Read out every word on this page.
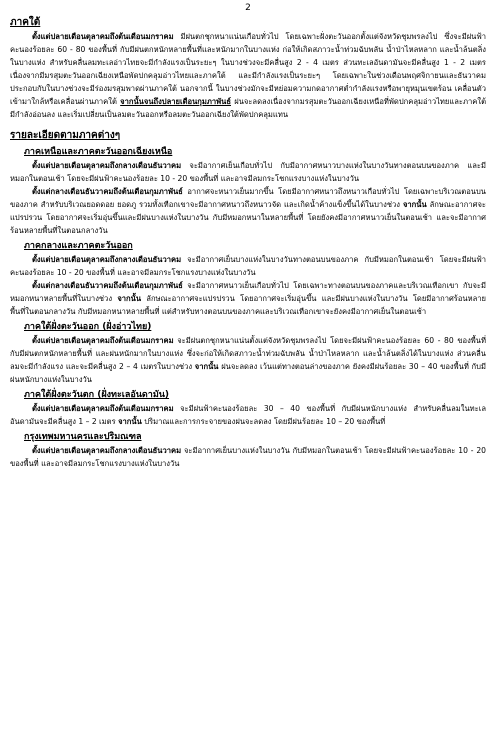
2
ภาคใต้

ตั้งแต่ปลายเดือนตุลาคมถึงต้นเดือนมกราคม มีฝนตกชุกหนาแน่นเกือบทั่วไป โดยเฉพาะฝั่งตะวันออกตั้งแต่จังหวัดชุมพรลงไป ซึ่งจะมีฝนฟ้าคะนองร้อยละ 60 - 80 ของพื้นที่ กับมีฝนตกหนักหลายพื้นที่และหนักมากในบางแห่ง ก่อให้เกิดสภาวะน้ำท่วมฉับพลัน น้ำป่าไหลหลาก และน้ำล้นตลิ่งในบางแห่ง สำหรับคลื่นลมทะเลอ่าวไทยจะมีกำลังแรงเป็นระยะๆ ในบางช่วงจะมีคลื่นสูง 2 - 4 เมตร ส่วนทะเลอันดามันจะมีคลื่นสูง 1 - 2 เมตร เนื่องจากมีมรสุมตะวันออกเฉียงเหนือพัดปกคลุมอ่าวไทยและภาคใต้ และมีกำลังแรงเป็นระยะๆ โดยเฉพาะในช่วงเดือนพฤศจิกายนและธันวาคม ประกอบกับในบางช่วงจะมีร่องมรสุมพาดผ่านภาคใต้ นอกจากนี้ ในบางช่วงมักจะมีหย่อมความกดอากาศต่ำกำลังแรงหรือพายุหมุนเขตร้อน เคลื่อนตัวเข้ามาใกล้หรือเคลื่อนผ่านภาคใต้ จากนั้นจนถึงปลายเดือนกุมภาพันธ์ ฝนจะลดลงเนื่องจากมรสุมตะวันออกเฉียงเหนือที่พัดปกคลุมอ่าวไทยและภาคใต้มีกำลังอ่อนลง และเริ่มเปลี่ยนเป็นลมตะวันออกหรือลมตะวันออกเฉียงใต้พัดปกคลุมแทน

รายละเอียดตามภาคต่างๆ
ภาคเหนือและภาคตะวันออกเฉียงเหนือ

ตั้งแต่ปลายเดือนตุลาคมถึงกลางเดือนธันวาคม จะมีอากาศเย็นเกือบทั่วไป กับมีอากาศหนาวบางแห่งในบางวันทางตอนบนของภาค และมีหมอกในตอนเช้า โดยจะมีฝนฟ้าคะนองร้อยละ 10 - 20 ของพื้นที่ และอาจมีลมกระโชกแรงบางแห่งในบางวัน

ตั้งแต่กลางเดือนธันวาคมถึงต้นเดือนกุมภาพันธ์ อากาศจะหนาวเย็นมากขึ้น โดยมีอากาศหนาวถึงหนาวเกือบทั่วไป โดยเฉพาะบริเวณตอนบนของภาค สำหรับบริเวณยอดดอย ยอดภู รวมทั้งเทือกเขาจะมีอากาศหนาวถึงหนาวจัด และเกิดน้ำค้างแข็งขึ้นได้ในบางช่วง จากนั้น ลักษณะอากาศจะแปรปรวน โดยอากาศจะเริ่มอุ่นขึ้นและมีฝนบางแห่งในบางวัน กับมีหมอกหนาในหลายพื้นที่ โดยยังคงมีอากาศหนาวเย็นในตอนเช้า และจะมีอากาศร้อนหลายพื้นที่ในตอนกลางวัน

ภาคกลางและภาคตะวันออก

ตั้งแต่ปลายเดือนตุลาคมถึงกลางเดือนธันวาคม จะมีอากาศเย็นบางแห่งในบางวันทางตอนบนของภาค กับมีหมอกในตอนเช้า โดยจะมีฝนฟ้าคะนองร้อยละ 10 - 20 ของพื้นที่ และอาจมีลมกระโชกแรงบางแห่งในบางวัน

ตั้งแต่กลางเดือนธันวาคมถึงต้นเดือนกุมภาพันธ์ จะมีอากาศหนาวเย็นเกือบทั่วไป โดยเฉพาะทางตอนบนของภาคและบริเวณเทือกเขา กับจะมีหมอกหนาหลายพื้นที่ในบางช่วง จากนั้น ลักษณะอากาศจะแปรปรวน โดยอากาศจะเริ่มอุ่นขึ้น และมีฝนบางแห่งในบางวัน โดยมีอากาศร้อนหลายพื้นที่ในตอนกลางวัน กับมีหมอกหนาหลายพื้นที่ แต่สำหรับทางตอนบนของภาคและบริเวณเทือกเขาจะยังคงมีอากาศเย็นในตอนเช้า

ภาคใต้ฝั่งตะวันออก (ฝั่งอ่าวไทย)

ตั้งแต่ปลายเดือนตุลาคมถึงต้นเดือนมกราคม จะมีฝนตกชุกหนาแน่นตั้งแต่จังหวัดชุมพรลงไป โดยจะมีฝนฟ้าคะนองร้อยละ 60 - 80 ของพื้นที่ กับมีฝนตกหนักหลายพื้นที่ และฝนหนักมากในบางแห่ง ซึ่งจะก่อให้เกิดสภาวะน้ำท่วมฉับพลัน น้ำป่าไหลหลาก และน้ำล้นตลิ่งได้ในบางแห่ง ส่วนคลื่นลมจะมีกำลังแรง และจะมีคลื่นสูง 2 – 4 เมตรในบางช่วง จากนั้น ฝนจะลดลง เว้นแต่ทางตอนล่างของภาค ยังคงมีฝนร้อยละ 30 – 40 ของพื้นที่ กับมีฝนหนักบางแห่งในบางวัน

ภาคใต้ฝั่งตะวันตก (ฝั่งทะเลอันดามัน)

ตั้งแต่ปลายเดือนตุลาคมถึงต้นเดือนมกราคม จะมีฝนฟ้าคะนองร้อยละ 30 – 40 ของพื้นที่ กับมีฝนหนักบางแห่ง สำหรับคลื่นลมในทะเลอันดามันจะมีคลื่นสูง 1 – 2 เมตร จากนั้น ปริมาณและการกระจายของฝนจะลดลง โดยมีฝนร้อยละ 10 – 20 ของพื้นที่

กรุงเทพมหานครและปริมณฑล

ตั้งแต่ปลายเดือนตุลาคมถึงกลางเดือนธันวาคม จะมีอากาศเย็นบางแห่งในบางวัน กับมีหมอกในตอนเช้า โดยจะมีฝนฟ้าคะนองร้อยละ 10 - 20 ของพื้นที่ และอาจมีลมกระโชกแรงบางแห่งในบางวัน
